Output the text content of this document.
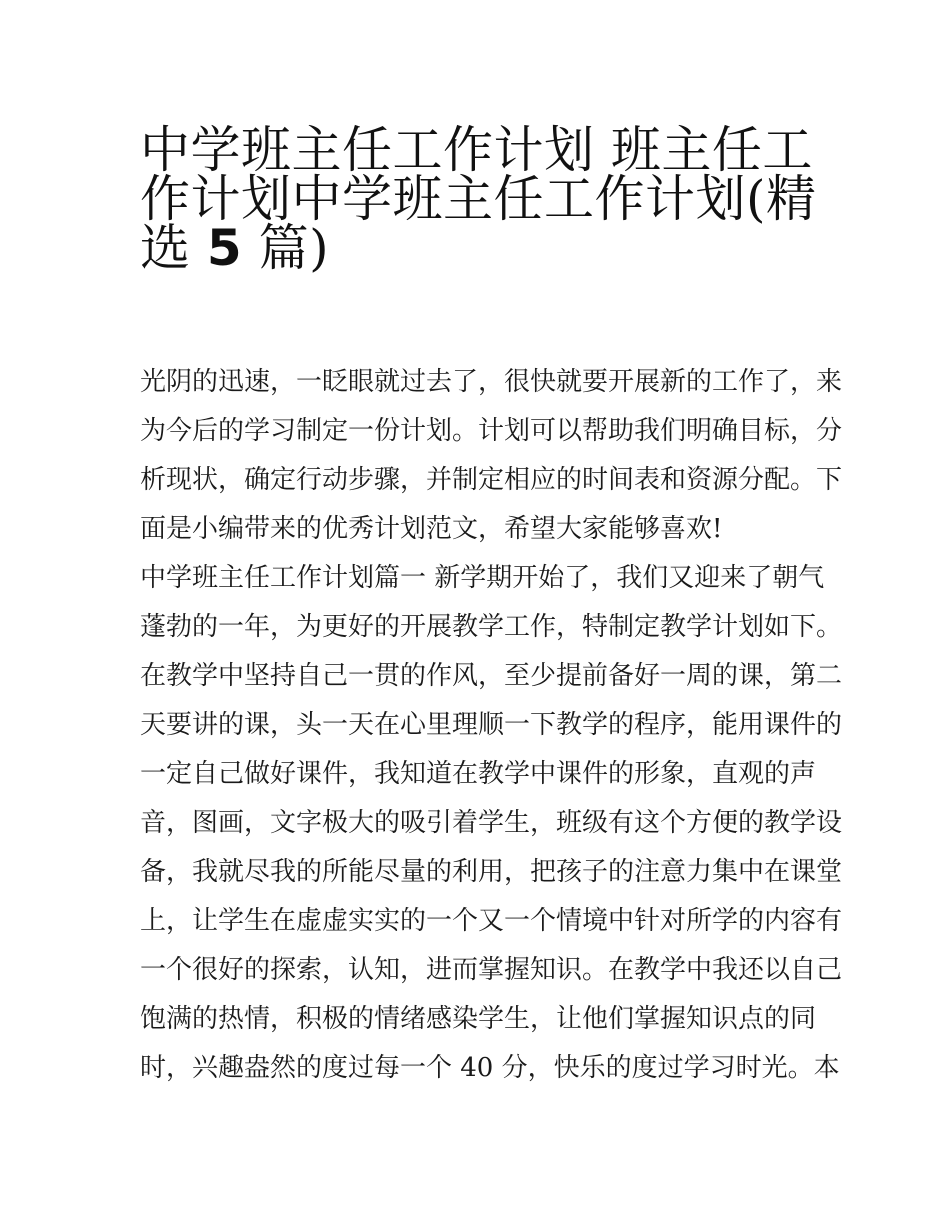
中学班主任工作计划 班主任工
作计划中学班主任工作计划(精
选 5 篇)
光阴的迅速，一眨眼就过去了，很快就要开展新的工作了，来
为今后的学习制定一份计划。计划可以帮助我们明确目标，分
析现状，确定行动步骤，并制定相应的时间表和资源分配。下
面是小编带来的优秀计划范文，希望大家能够喜欢!
中学班主任工作计划篇一 新学期开始了，我们又迎来了朝气
蓬勃的一年，为更好的开展教学工作，特制定教学计划如下。
在教学中坚持自己一贯的作风，至少提前备好一周的课，第二
天要讲的课，头一天在心里理顺一下教学的程序，能用课件的
一定自己做好课件，我知道在教学中课件的形象，直观的声
音，图画，文字极大的吸引着学生，班级有这个方便的教学设
备，我就尽我的所能尽量的利用，把孩子的注意力集中在课堂
上，让学生在虚虚实实的一个又一个情境中针对所学的内容有
一个很好的探索，认知，进而掌握知识。在教学中我还以自己
饱满的热情，积极的情绪感染学生，让他们掌握知识点的同
时，兴趣盎然的度过每一个 40 分，快乐的度过学习时光。本
